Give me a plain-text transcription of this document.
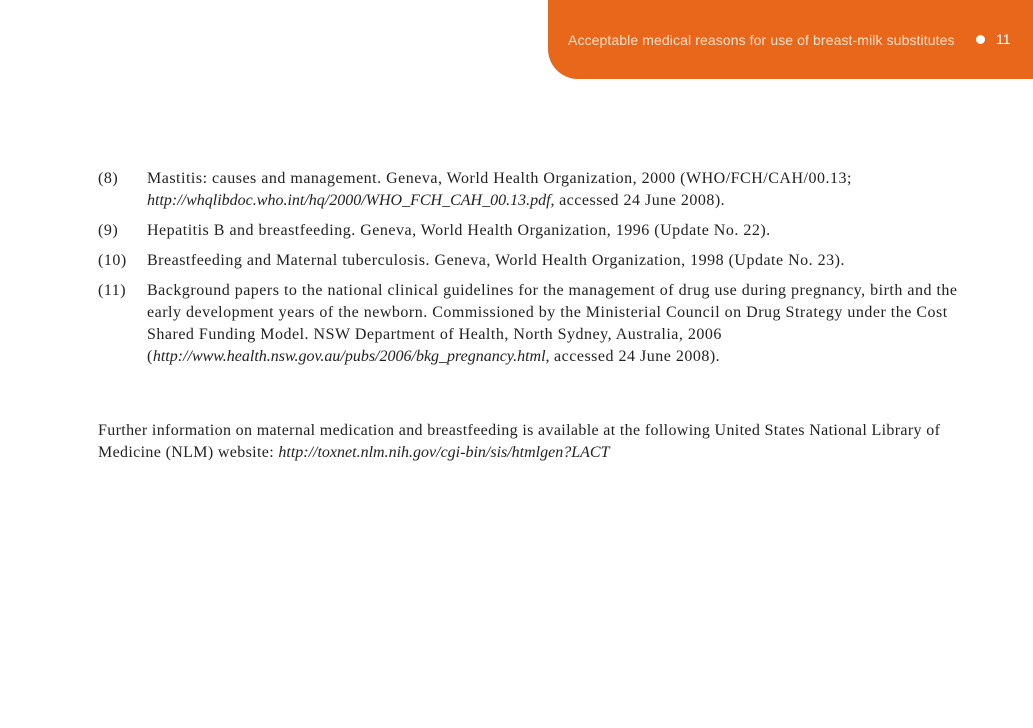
Acceptable medical reasons for use of breast-milk substitutes	11
(8) Mastitis: causes and management. Geneva, World Health Organization, 2000 (WHO/FCH/CAH/00.13;
http://whqlibdoc.who.int/hq/2000/WHO_FCH_CAH_00.13.pdf, accessed 24 June 2008).
(9) Hepatitis B and breastfeeding. Geneva, World Health Organization, 1996 (Update No. 22).
(10) Breastfeeding and Maternal tuberculosis. Geneva, World Health Organization, 1998 (Update No. 23).
(11) Background papers to the national clinical guidelines for the management of drug use during pregnancy, birth and the early development years of the newborn. Commissioned by the Ministerial Council on Drug Strategy under the Cost Shared Funding Model. NSW Department of Health, North Sydney, Australia, 2006
(http://www.health.nsw.gov.au/pubs/2006/bkg_pregnancy.html, accessed 24 June 2008).
Further information on maternal medication and breastfeeding is available at the following United States National Library of Medicine (NLM) website: http://toxnet.nlm.nih.gov/cgi-bin/sis/htmlgen?LACT
